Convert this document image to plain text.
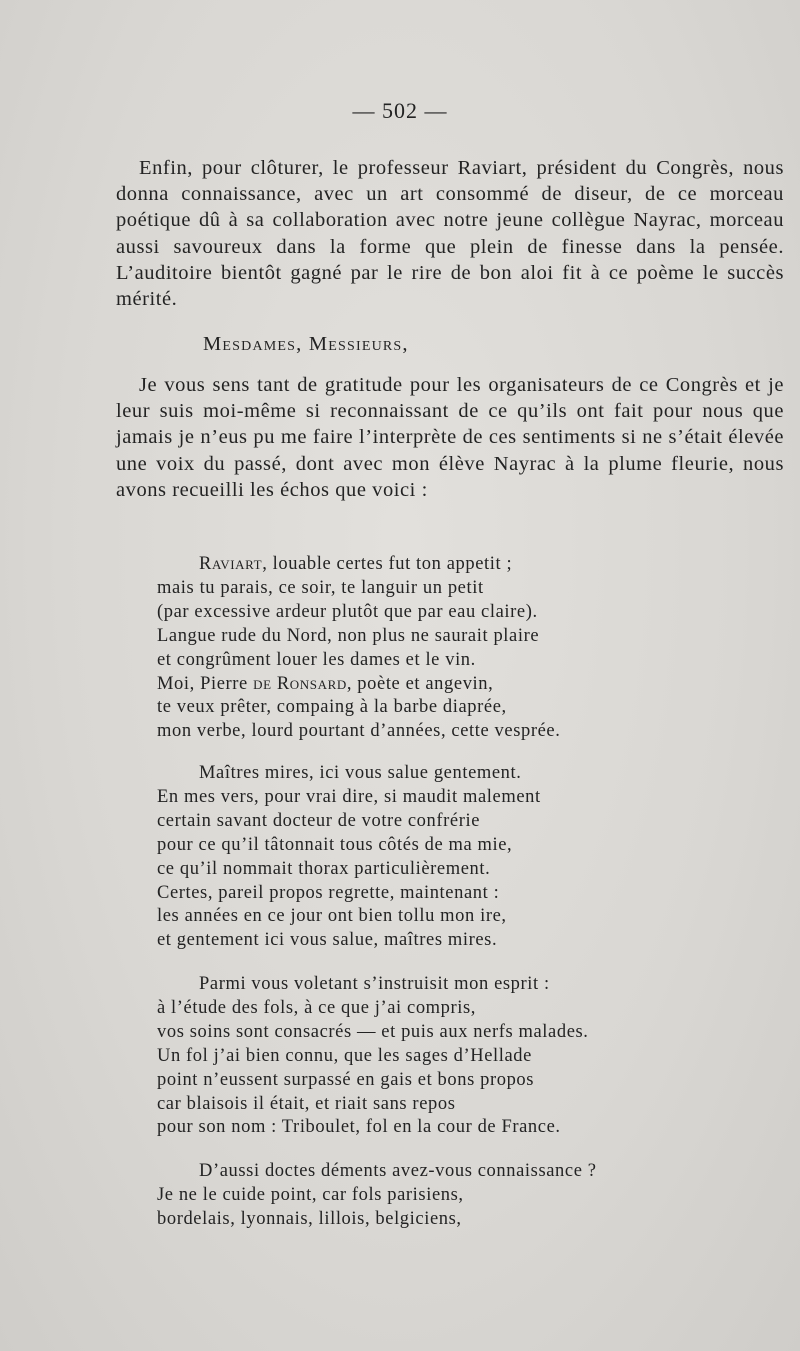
— 502 —

Enfin, pour clôturer, le professeur Raviart, président du Congrès, nous donna connaissance, avec un art consommé de diseur, de ce morceau poétique dû à sa collaboration avec notre jeune collègue Nayrac, morceau aussi savoureux dans la forme que plein de finesse dans la pensée. L’auditoire bientôt gagné par le rire de bon aloi fit à ce poème le succès mérité.

Mesdames, Messieurs,

Je vous sens tant de gratitude pour les organisateurs de ce Congrès et je leur suis moi-même si reconnaissant de ce qu’ils ont fait pour nous que jamais je n’eus pu me faire l’interprète de ces sentiments si ne s’était élevée une voix du passé, dont avec mon élève Nayrac à la plume fleurie, nous avons recueilli les échos que voici :

Raviart, louable certes fut ton appetit ;
mais tu parais, ce soir, te languir un petit
(par excessive ardeur plutôt que par eau claire).
Langue rude du Nord, non plus ne saurait plaire
et congrûment louer les dames et le vin.
Moi, Pierre de Ronsard, poète et angevin,
te veux prêter, compaing à la barbe diaprée,
mon verbe, lourd pourtant d’années, cette vesprée.
Maîtres mires, ici vous salue gentement.
En mes vers, pour vrai dire, si maudit malement
certain savant docteur de votre confrérie
pour ce qu’il tâtonnait tous côtés de ma mie,
ce qu’il nommait thorax particulièrement.
Certes, pareil propos regrette, maintenant :
les années en ce jour ont bien tollu mon ire,
et gentement ici vous salue, maîtres mires.
Parmi vous voletant s’instruisit mon esprit :
à l’étude des fols, à ce que j’ai compris,
vos soins sont consacrés — et puis aux nerfs malades.
Un fol j’ai bien connu, que les sages d’Hellade
point n’eussent surpassé en gais et bons propos
car blaisois il était, et riait sans repos
pour son nom : Triboulet, fol en la cour de France.
D’aussi doctes déments avez-vous connaissance ?
Je ne le cuide point, car fols parisiens,
bordelais, lyonnais, lillois, belgiciens,
